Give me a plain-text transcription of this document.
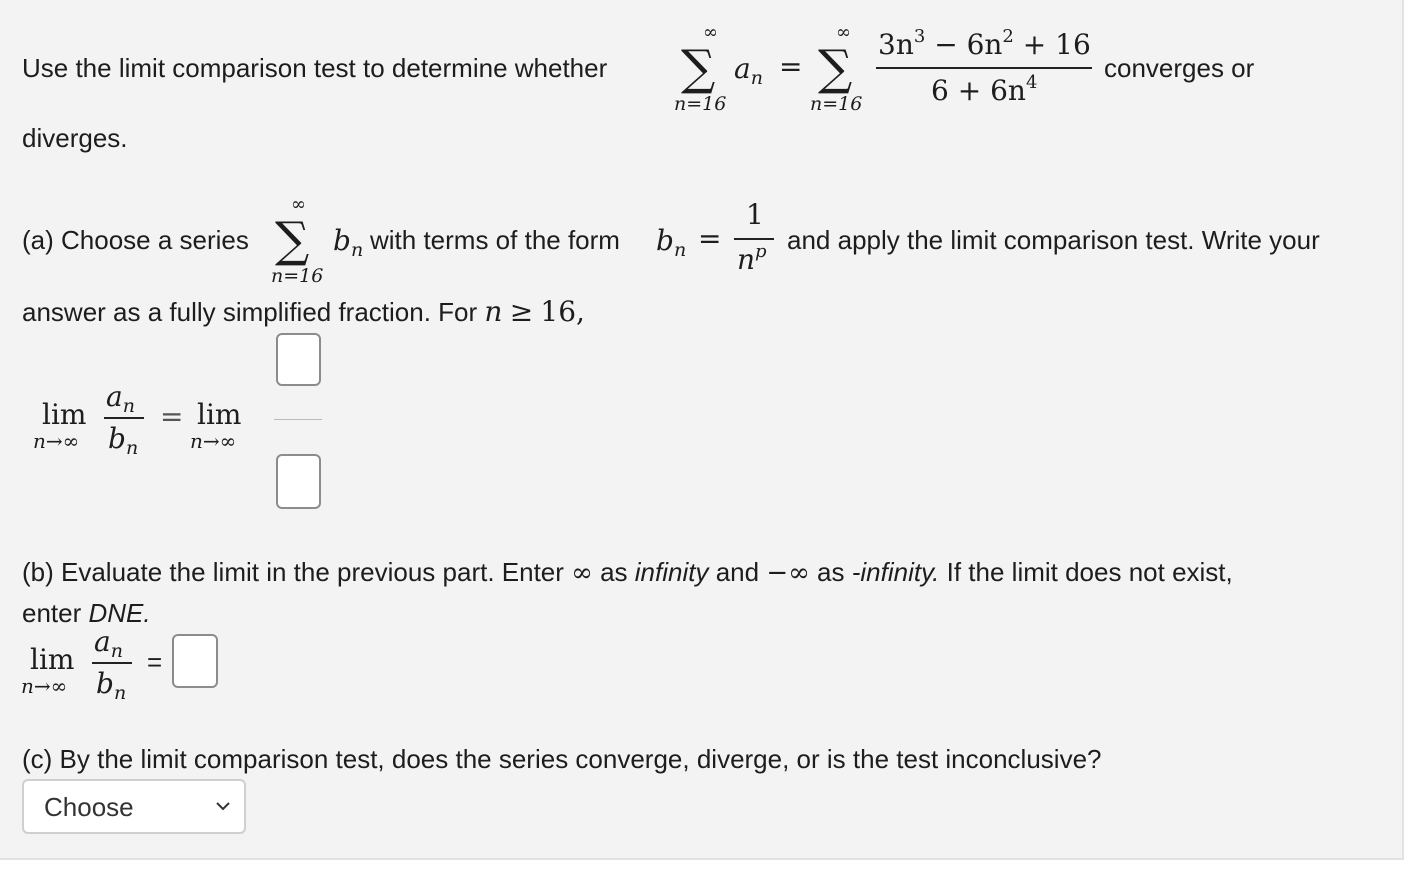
Use the limit comparison test to determine whether
∞
∑
n=16
an =
∞
∑
n=16
$3n^3 - 6n^2 + 16$
$6 + 6n^4$	converges or
diverges.
(a) Choose a series
∞
∑
n=16
bn with terms of the form bn =
1
np and apply the limit comparison test. Write your
answer as a fully simplified fraction. For n ≥ 16,
lim
n→∞
an
bn
= lim
n→∞
(b) Evaluate the limit in the previous part. Enter ∞ as infinity and −∞ as -infinity. If the limit does not exist,
enter DNE.
lim
n→∞
an
bn
=
(c) By the limit comparison test, does the series converge, diverge, or is the test inconclusive?
Choose
